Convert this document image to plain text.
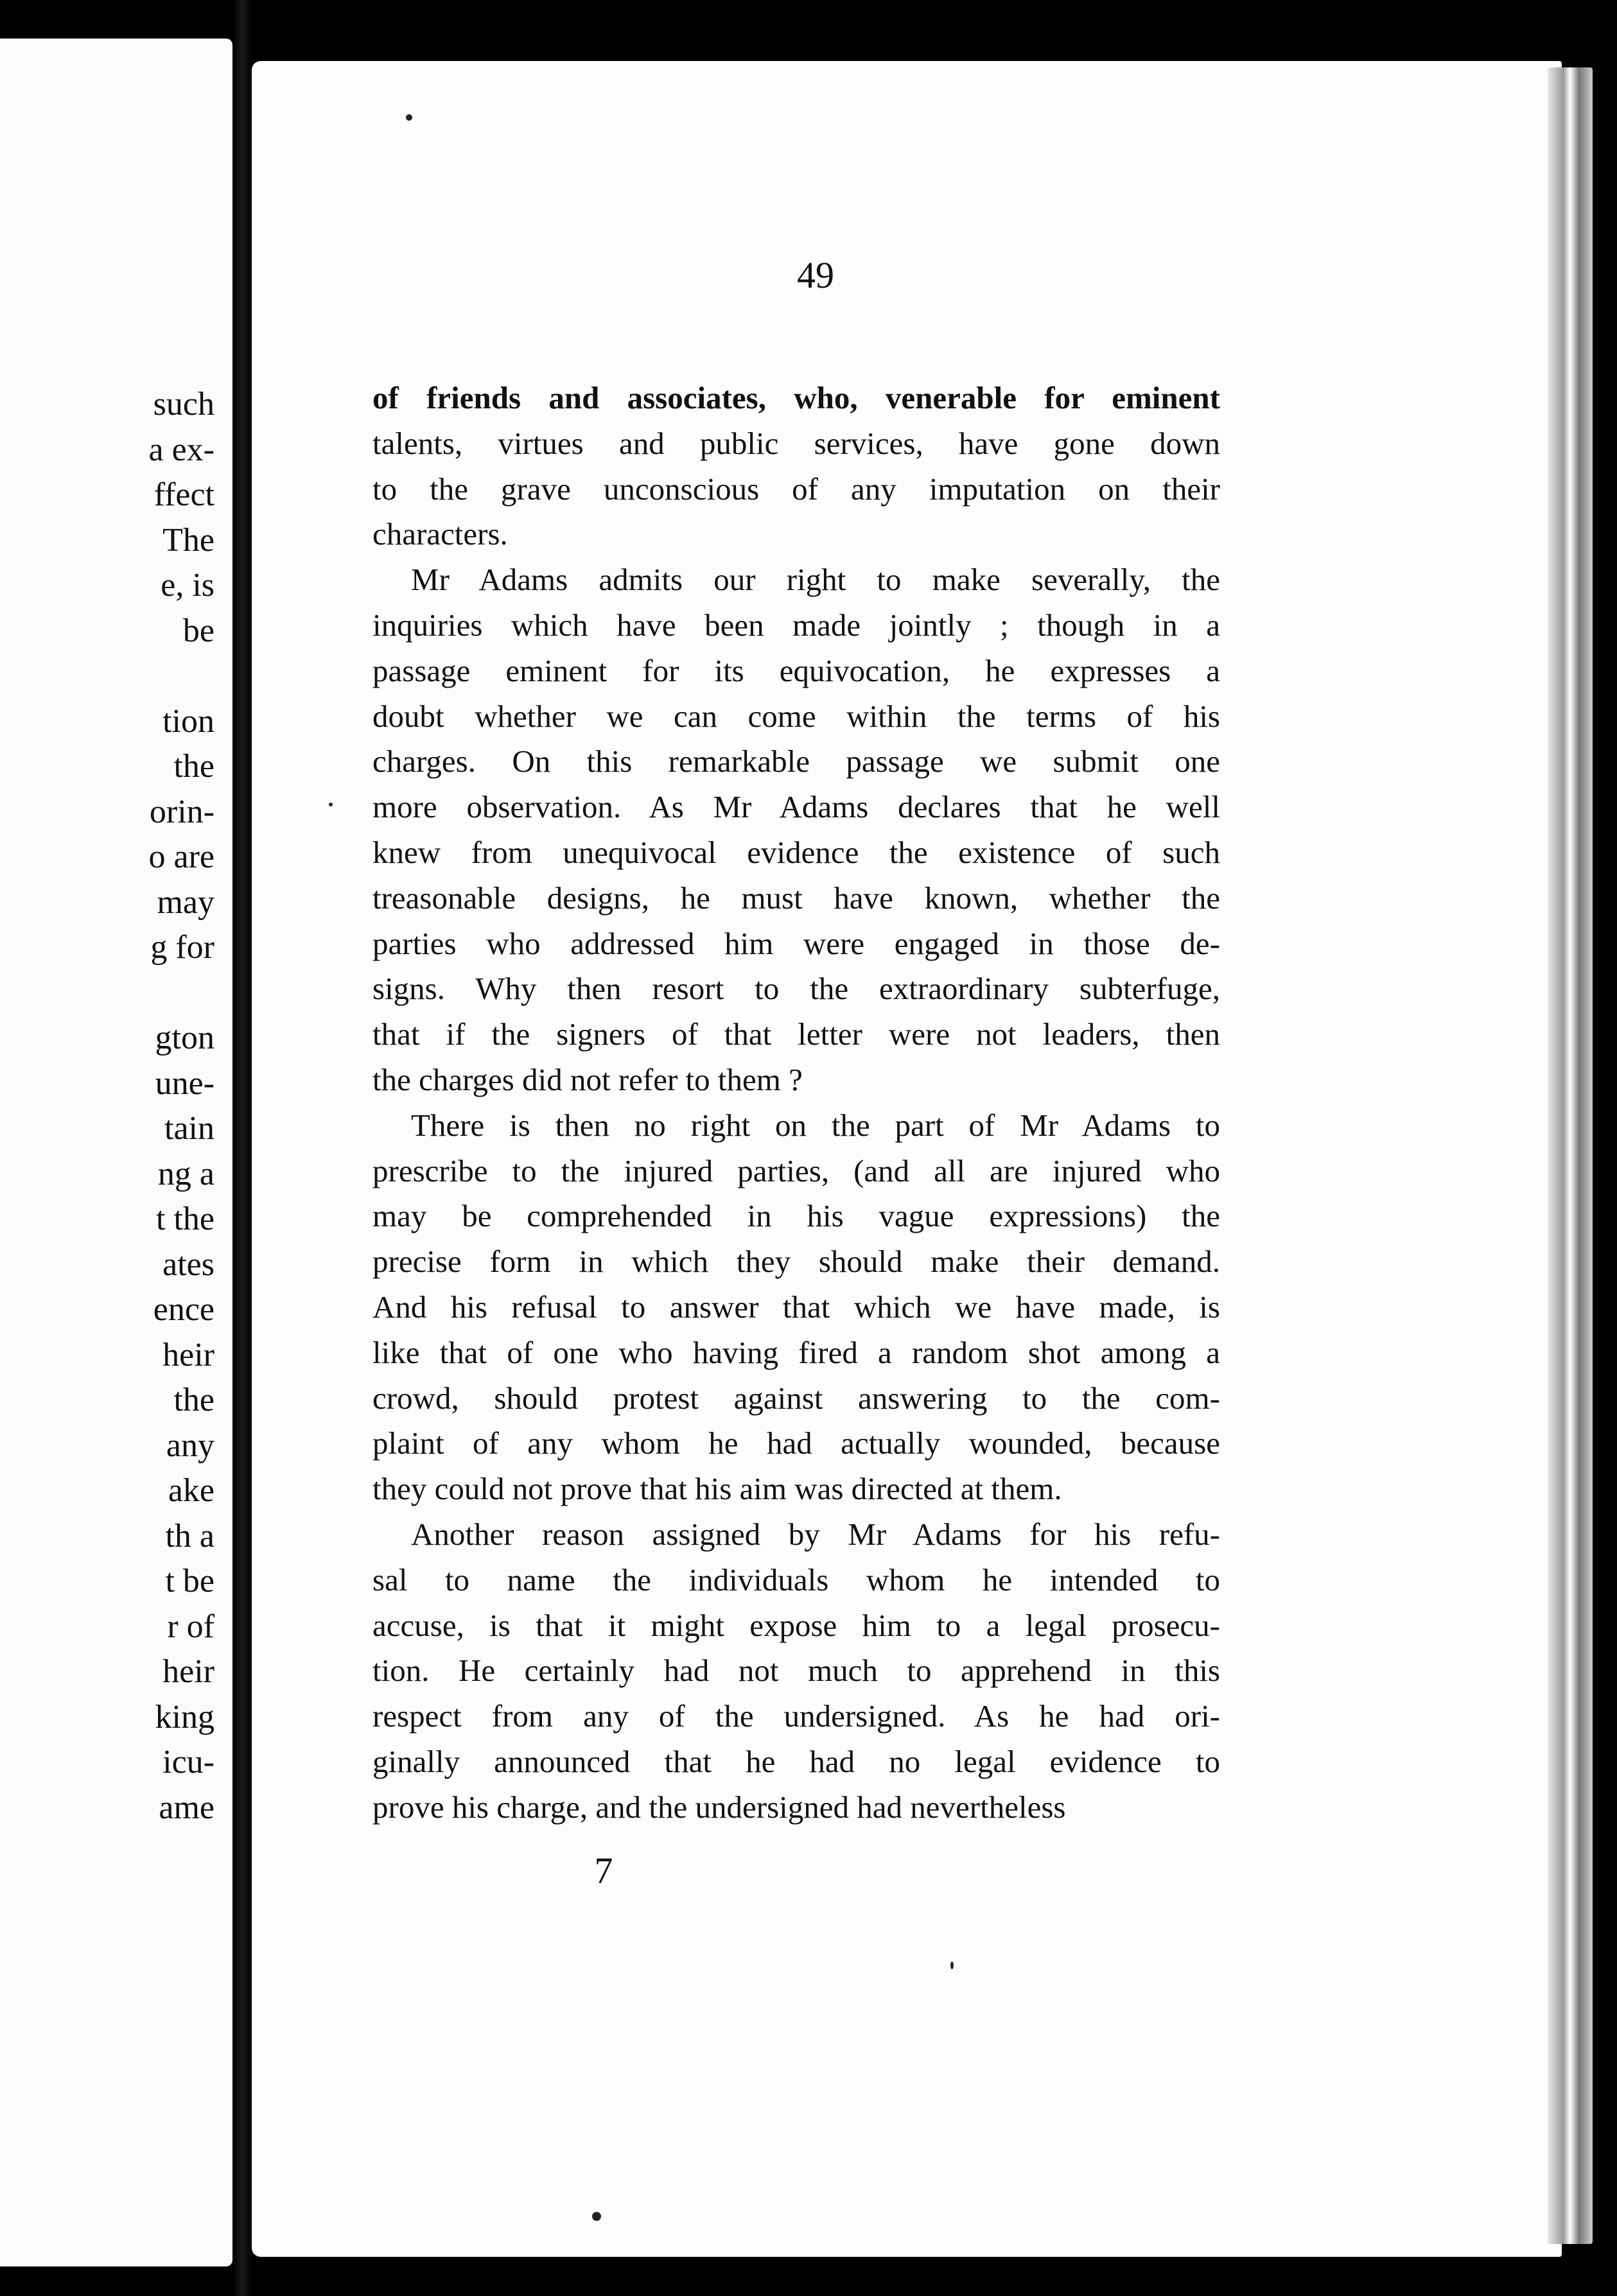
such
a ex-
ffect
The
e, is
be
tion
the
orin-
o are
may
g for
gton
une-
tain
ng a
t the
ates
ence
heir
the
any
ake
th a
t be
r of
heir
king
icu-
ame
49
of friends and associates, who, venerable for eminent
talents, virtues and public services, have gone down
to the grave unconscious of any imputation on their
characters.
Mr Adams admits our right to make severally, the
inquiries which have been made jointly ; though in a
passage eminent for its equivocation, he expresses a
doubt whether we can come within the terms of his
charges. On this remarkable passage we submit one
more observation. As Mr Adams declares that he well
knew from unequivocal evidence the existence of such
treasonable designs, he must have known, whether the
parties who addressed him were engaged in those de-
signs. Why then resort to the extraordinary subterfuge,
that if the signers of that letter were not leaders, then
the charges did not refer to them ?
There is then no right on the part of Mr Adams to
prescribe to the injured parties, (and all are injured who
may be comprehended in his vague expressions) the
precise form in which they should make their demand.
And his refusal to answer that which we have made, is
like that of one who having fired a random shot among a
crowd, should protest against answering to the com-
plaint of any whom he had actually wounded, because
they could not prove that his aim was directed at them.
Another reason assigned by Mr Adams for his refu-
sal to name the individuals whom he intended to
accuse, is that it might expose him to a legal prosecu-
tion. He certainly had not much to apprehend in this
respect from any of the undersigned. As he had ori-
ginally announced that he had no legal evidence to
prove his charge, and the undersigned had nevertheless
7
